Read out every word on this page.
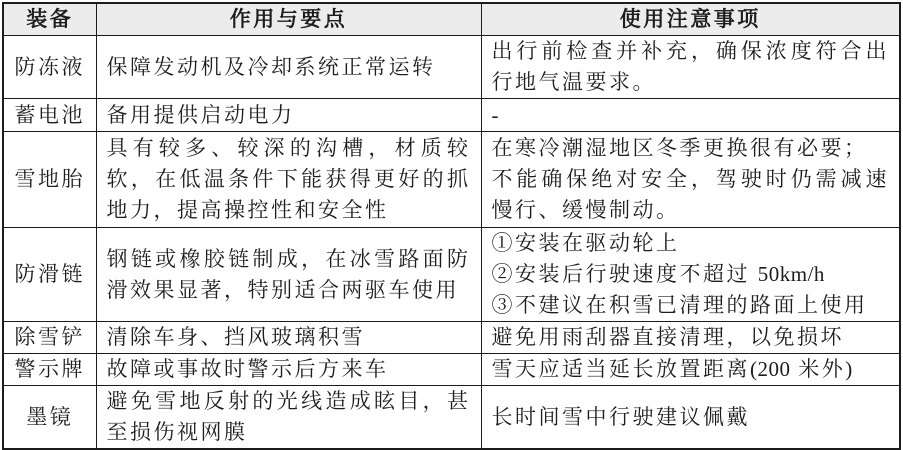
装备	作用与要点	使用注意事项
防冻液	保障发动机及冷却系统正常运转	出行前检查并补充，确保浓度符合出行地气温要求。
蓄电池	备用提供启动电力	-
雪地胎	具有较多、较深的沟槽，材质较软，在低温条件下能获得更好的抓地力，提高操控性和安全性	在寒冷潮湿地区冬季更换很有必要；
不能确保绝对安全，驾驶时仍需减速慢行、缓慢制动。

防滑链	钢链或橡胶链制成，在冰雪路面防滑效果显著，特别适合两驱车使用	①安装在驱动轮上
②安装后行驶速度不超过 50km/h
③不建议在积雪已清理的路面上使用

除雪铲	清除车身、挡风玻璃积雪	避免用雨刮器直接清理，以免损坏
警示牌	故障或事故时警示后方来车	雪天应适当延长放置距离(200 米外)
墨镜	避免雪地反射的光线造成眩目，甚至损伤视网膜	长时间雪中行驶建议佩戴
